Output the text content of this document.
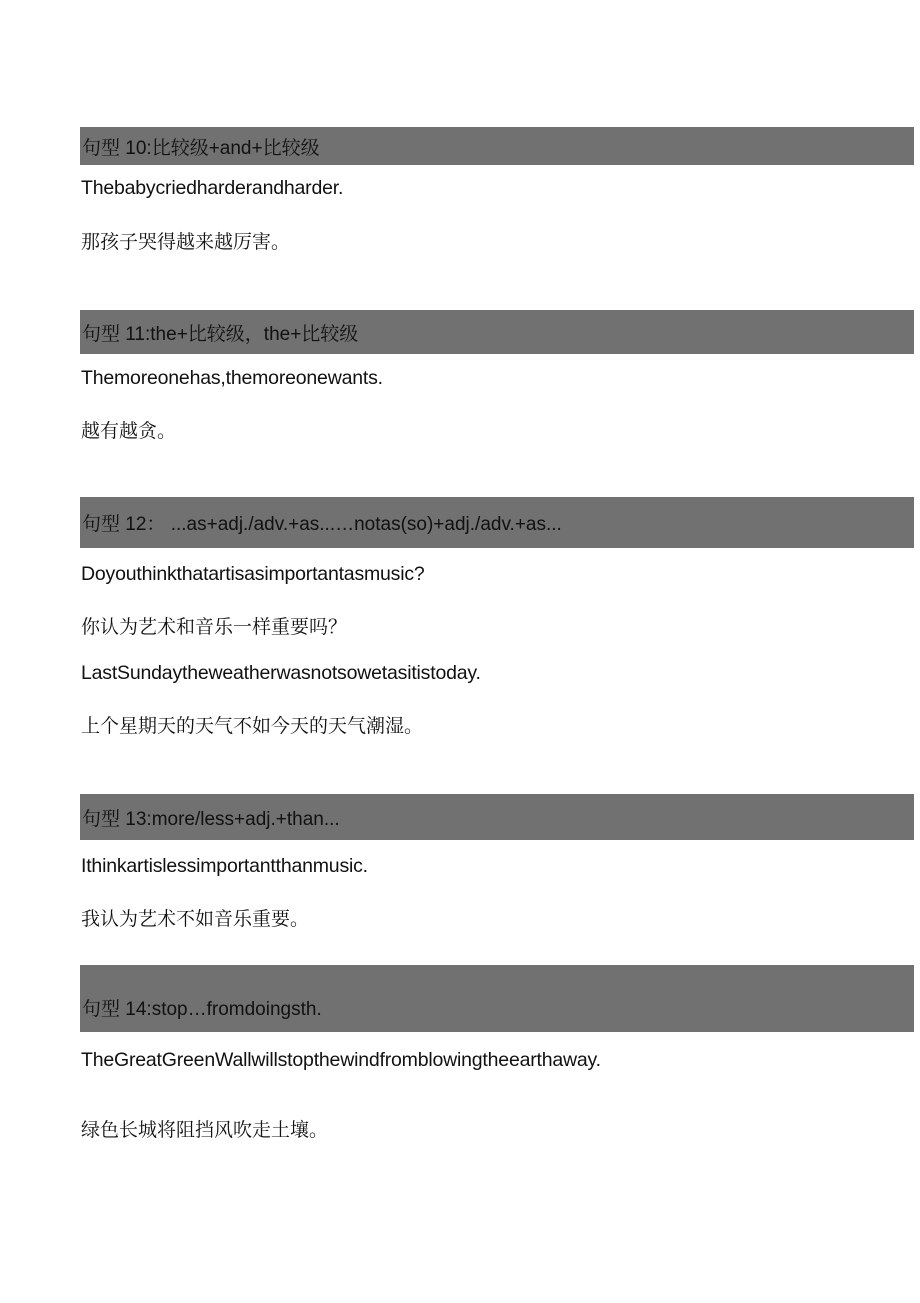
句型 10:比较级+and+比较级
Thebabycriedharderandharder.
那孩子哭得越来越厉害。
句型 11:the+比较级，the+比较级
Themoreonehas,themoreonewants.
越有越贪。
句型 12： ...as+adj./adv.+as...…notas(so)+adj./adv.+as...
Doyouthinkthatartisasimportantasmusic?
你认为艺术和音乐一样重要吗？
LastSundaytheweatherwasnotsowetasitistoday.
上个星期天的天气不如今天的天气潮湿。
句型 13:more/less+adj.+than...
Ithinkartislessimportantthanmusic.
我认为艺术不如音乐重要。
句型 14:stop…fromdoingsth.
TheGreatGreenWallwillstopthewindfromblowingtheearthaway.
绿色长城将阻挡风吹走土壤。
